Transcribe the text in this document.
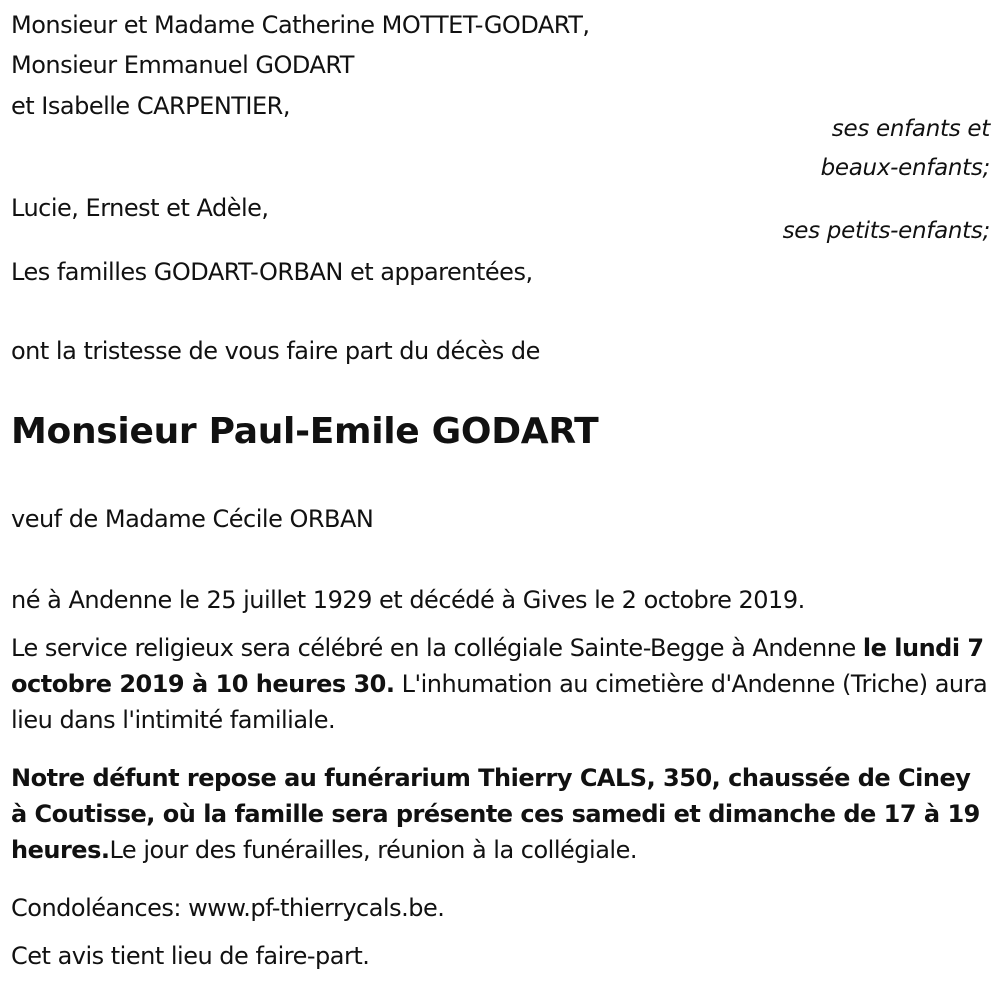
Monsieur et Madame Catherine MOTTET-GODART,
Monsieur Emmanuel GODART
et Isabelle CARPENTIER,
ses enfants et
beaux-enfants;
Lucie, Ernest et Adèle,
ses petits-enfants;
Les familles GODART-ORBAN et apparentées,
ont la tristesse de vous faire part du décès de
Monsieur Paul-Emile GODART
veuf de Madame Cécile ORBAN
né à Andenne le 25 juillet 1929 et décédé à Gives le 2 octobre 2019.
Le service religieux sera célébré en la collégiale Sainte-Begge à Andenne le lundi 7 octobre 2019 à 10 heures 30. L'inhumation au cimetière d'Andenne (Triche) aura lieu dans l'intimité familiale.
Notre défunt repose au funérarium Thierry CALS, 350, chaussée de Ciney à Coutisse, où la famille sera présente ces samedi et dimanche de 17 à 19 heures.Le jour des funérailles, réunion à la collégiale.
Condoléances: www.pf-thierrycals.be.
Cet avis tient lieu de faire-part.
